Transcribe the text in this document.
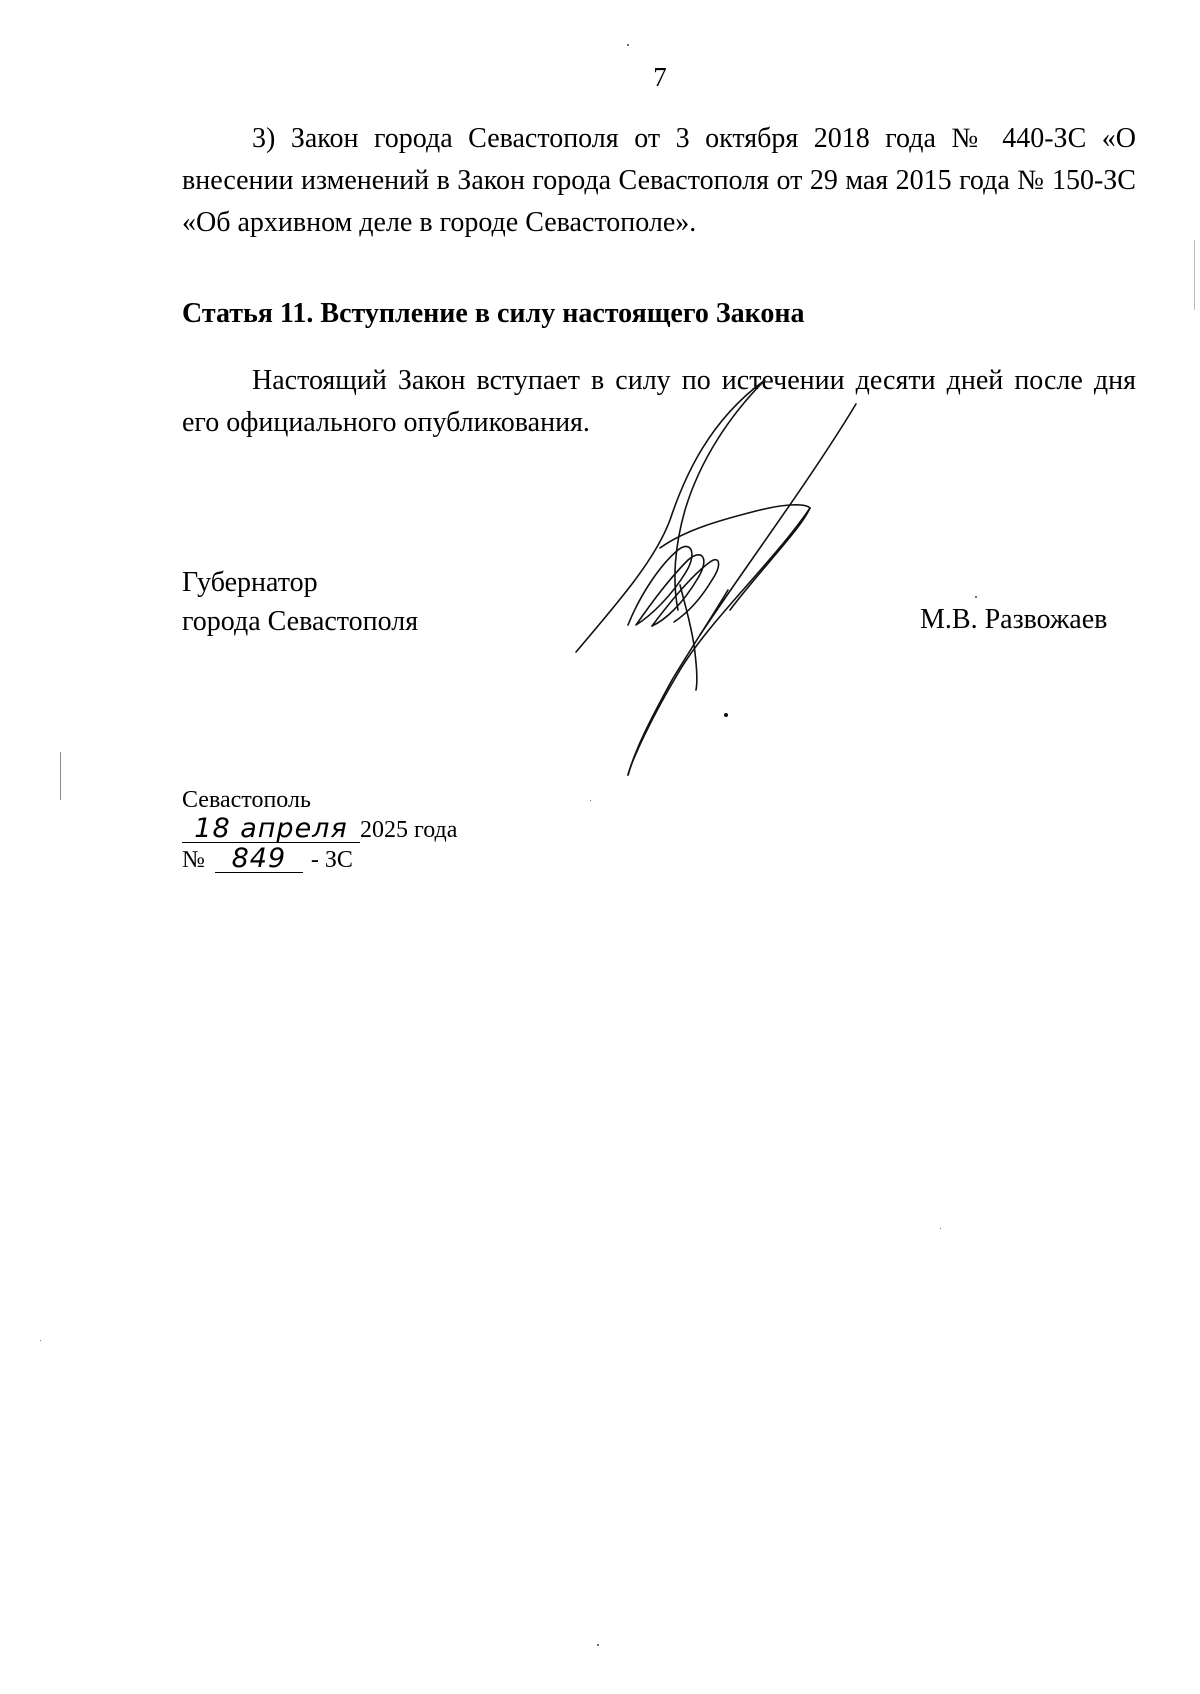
7
3) Закон города Севастополя от 3 октября 2018 года № 440-ЗС «О внесении изменений в Закон города Севастополя от 29 мая 2015 года № 150-ЗС «Об архивном деле в городе Севастополе».
Статья 11. Вступление в силу настоящего Закона
Настоящий Закон вступает в силу по истечении десяти дней после дня его официального опубликования.
Губернатор
города Севастополя	М.В. Развожаев
Севастополь
18 апреля 2025 года
№ 849 - ЗС
